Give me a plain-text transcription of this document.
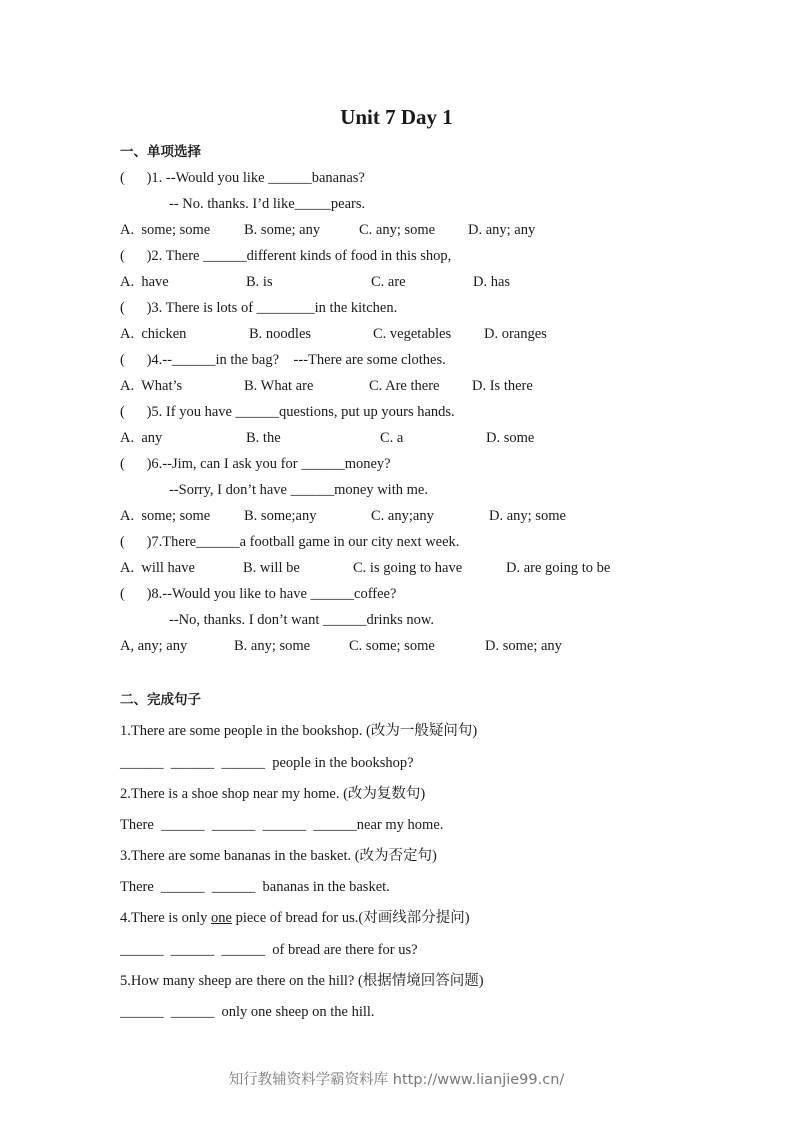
Unit 7 Day 1
一、单项选择
(      )1. --Would you like ______bananas?
-- No. thanks. I’d like_____pears.
A.  some; some B. some; any	C. any; some D. any; any
(      )2. There ______different kinds of food in this shop,
A.  have	B. is	C. are	D. has
(      )3. There is lots of ________in the kitchen.
A.  chicken	B. noodles	C. vegetables D. oranges
(      )4.--______in the bag?    ---There are some clothes.
A.  What’s	B. What are	C. Are there D. Is there
(      )5. If you have ______questions, put up yours hands.
A.  any	B. the	C. a	D. some
(      )6.--Jim, can I ask you for ______money?
--Sorry, I don’t have ______money with me.
A.  some; some B. some;any	C. any;any	D. any; some
(      )7.There______a football game in our city next week.
A.  will have	B. will be	C. is going to have	D. are going to be
(      )8.--Would you like to have ______coffee?
--No, thanks. I don’t want ______drinks now.
A, any; any	B. any; some	C. some; some	D. some; any
二、完成句子
1.There are some people in the bookshop. (改为一般疑问句)
______  ______  ______  people in the bookshop?
2.There is a shoe shop near my home. (改为复数句)
There  ______  ______  ______  ______near my home.
3.There are some bananas in the basket. (改为否定句)
There  ______  ______  bananas in the basket.
4.There is only one piece of bread for us.(对画线部分提问)
______  ______  ______  of bread are there for us?
5.How many sheep are there on the hill? (根据情境回答问题)
______  ______  only one sheep on the hill.
知行教辅资料学霸资料库 http://www.lianjie99.cn/
